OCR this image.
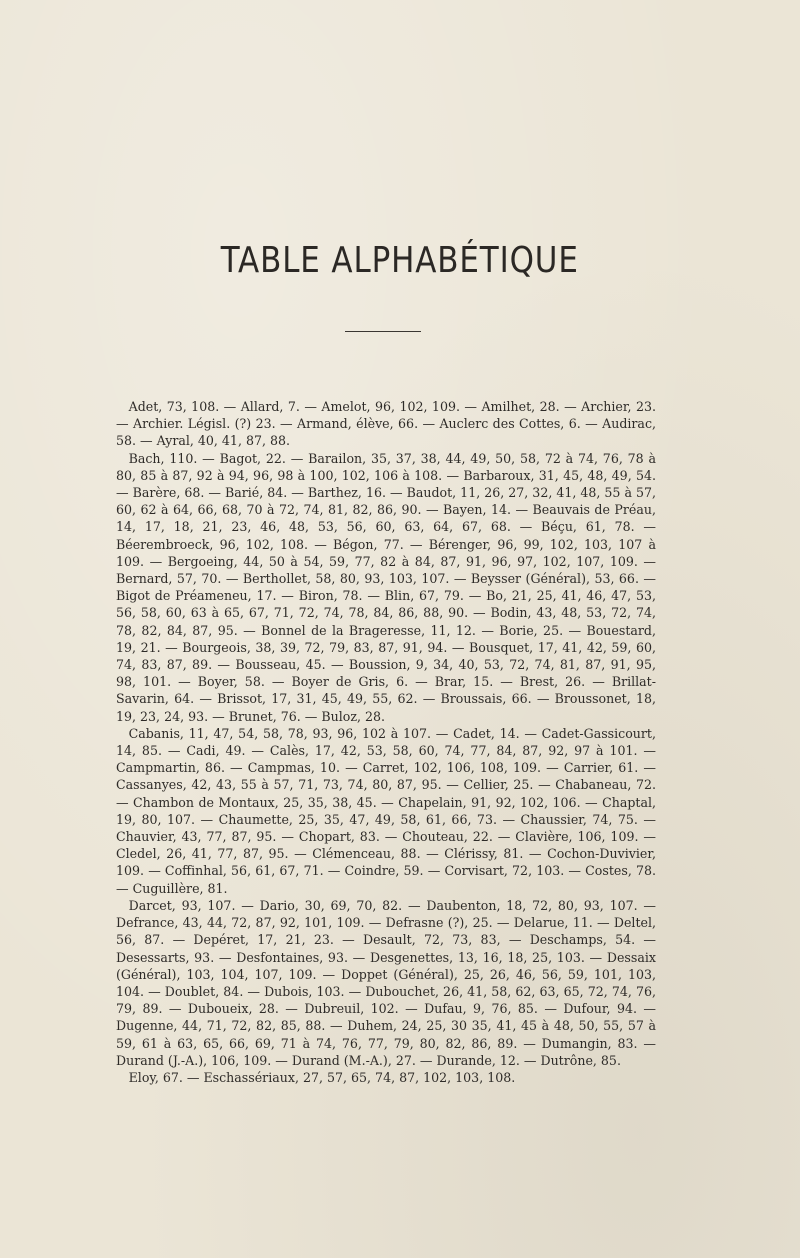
TABLE ALPHABÉTIQUE

Adet, 73, 108. — Allard, 7. — Amelot, 96, 102, 109. — Amilhet, 28. — Archier, 23. — Archier. Législ. (?) 23. — Armand, élève, 66. — Auclerc des Cottes, 6. — Audirac, 58. — Ayral, 40, 41, 87, 88.

Bach, 110. — Bagot, 22. — Barailon, 35, 37, 38, 44, 49, 50, 58, 72 à 74, 76, 78 à 80, 85 à 87, 92 à 94, 96, 98 à 100, 102, 106 à 108. — Barbaroux, 31, 45, 48, 49, 54. — Barère, 68. — Barié, 84. — Barthez, 16. — Baudot, 11, 26, 27, 32, 41, 48, 55 à 57, 60, 62 à 64, 66, 68, 70 à 72, 74, 81, 82, 86, 90. — Bayen, 14. — Beauvais de Préau, 14, 17, 18, 21, 23, 46, 48, 53, 56, 60, 63, 64, 67, 68. — Béçu, 61, 78. — Béerembroeck, 96, 102, 108. — Bégon, 77. — Bérenger, 96, 99, 102, 103, 107 à 109. — Bergoeing, 44, 50 à 54, 59, 77, 82 à 84, 87, 91, 96, 97, 102, 107, 109. — Bernard, 57, 70. — Berthollet, 58, 80, 93, 103, 107. — Beysser (Général), 53, 66. — Bigot de Préameneu, 17. — Biron, 78. — Blin, 67, 79. — Bo, 21, 25, 41, 46, 47, 53, 56, 58, 60, 63 à 65, 67, 71, 72, 74, 78, 84, 86, 88, 90. — Bodin, 43, 48, 53, 72, 74, 78, 82, 84, 87, 95. — Bonnel de la Brageresse, 11, 12. — Borie, 25. — Bouestard, 19, 21. — Bourgeois, 38, 39, 72, 79, 83, 87, 91, 94. — Bousquet, 17, 41, 42, 59, 60, 74, 83, 87, 89. — Bousseau, 45. — Boussion, 9, 34, 40, 53, 72, 74, 81, 87, 91, 95, 98, 101. — Boyer, 58. — Boyer de Gris, 6. — Brar, 15. — Brest, 26. — Brillat-Savarin, 64. — Brissot, 17, 31, 45, 49, 55, 62. — Broussais, 66. — Broussonet, 18, 19, 23, 24, 93. — Brunet, 76. — Buloz, 28.

Cabanis, 11, 47, 54, 58, 78, 93, 96, 102 à 107. — Cadet, 14. — Cadet-Gassicourt, 14, 85. — Cadi, 49. — Calès, 17, 42, 53, 58, 60, 74, 77, 84, 87, 92, 97 à 101. — Campmartin, 86. — Campmas, 10. — Carret, 102, 106, 108, 109. — Carrier, 61. — Cassanyes, 42, 43, 55 à 57, 71, 73, 74, 80, 87, 95. — Cellier, 25. — Chabaneau, 72. — Chambon de Montaux, 25, 35, 38, 45. — Chapelain, 91, 92, 102, 106. — Chaptal, 19, 80, 107. — Chaumette, 25, 35, 47, 49, 58, 61, 66, 73. — Chaussier, 74, 75. — Chauvier, 43, 77, 87, 95. — Chopart, 83. — Chouteau, 22. — Clavière, 106, 109. — Cledel, 26, 41, 77, 87, 95. — Clémenceau, 88. — Clérissy, 81. — Cochon-Duvivier, 109. — Coffinhal, 56, 61, 67, 71. — Coindre, 59. — Corvisart, 72, 103. — Costes, 78. — Cuguillère, 81.

Darcet, 93, 107. — Dario, 30, 69, 70, 82. — Daubenton, 18, 72, 80, 93, 107. — Defrance, 43, 44, 72, 87, 92, 101, 109. — Defrasne (?), 25. — Delarue, 11. — Deltel, 56, 87. — Depéret, 17, 21, 23. — Desault, 72, 73, 83, — Deschamps, 54. — Desessarts, 93. — Desfontaines, 93. — Desgenettes, 13, 16, 18, 25, 103. — Dessaix (Général), 103, 104, 107, 109. — Doppet (Général), 25, 26, 46, 56, 59, 101, 103, 104. — Doublet, 84. — Dubois, 103. — Dubouchet, 26, 41, 58, 62, 63, 65, 72, 74, 76, 79, 89. — Duboueix, 28. — Dubreuil, 102. — Dufau, 9, 76, 85. — Dufour, 94. — Dugenne, 44, 71, 72, 82, 85, 88. — Duhem, 24, 25, 30 35, 41, 45 à 48, 50, 55, 57 à 59, 61 à 63, 65, 66, 69, 71 à 74, 76, 77, 79, 80, 82, 86, 89. — Dumangin, 83. — Durand (J.-A.), 106, 109. — Durand (M.-A.), 27. — Durande, 12. — Dutrône, 85.

Eloy, 67. — Eschassériaux, 27, 57, 65, 74, 87, 102, 103, 108.
